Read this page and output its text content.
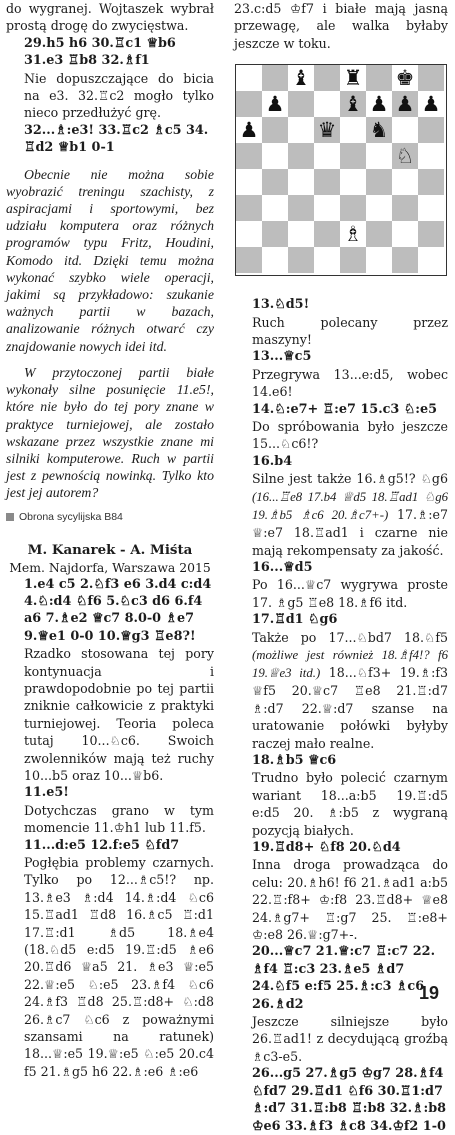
do wygranej. Wojtaszek wybrał prostą drogę do zwycięstwa.

29.h5 h6 30.♖c1 ♕b6 31.e3 ♖b8 32.♗f1

Nie dopuszczające do bicia na e3. 32.♖c2 mogło tylko nieco przedłużyć grę.

32...♗:e3! 33.♖c2 ♗c5 34. ♖d2 ♕b1 0-1

Obecnie nie można sobie wyobrazić treningu szachisty, z aspiracjami i sportowymi, bez udziału komputera oraz różnych programów typu Fritz, Houdini, Komodo itd. Dzięki temu można wykonać szybko wiele operacji, jakimi są przykładowo: szukanie ważnych partii w bazach, analizowanie różnych otwarć czy znajdowanie nowych idei itd.

W przytoczonej partii białe wykonały silne posunięcie 11.e5!, które nie było do tej pory znane w praktyce turniejowej, ale zostało wskazane przez wszystkie znane mi silniki komputerowe. Ruch w partii jest z pewnością nowinką. Tylko kto jest jej autorem?

Obrona sycylijska B84

M. Kanarek - A. Miśta

Mem. Najdorfa, Warszawa 2015

1.e4 c5 2.♘f3 e6 3.d4 c:d4 4.♘:d4 ♘f6 5.♘c3 d6 6.f4 a6 7.♗e2 ♕c7 8.0-0 ♗e7 9.♕e1 0-0 10.♕g3 ♖e8?!

Rzadko stosowana tej pory kontynuacja i prawdopodobnie po tej partii zniknie całkowicie z praktyki turniejowej. Teoria poleca tutaj 10...♘c6. Swoich zwolenników mają też ruchy 10...b5 oraz 10...♕b6.

11.e5!

Dotychczas grano w tym momencie 11.♔h1 lub 11.f5.

11...d:e5 12.f:e5 ♘fd7

Pogłębia problemy czarnych. Tylko po 12...♗c5!? np. 13.♗e3 ♗:d4 14.♗:d4 ♘c6 15.♖ad1 ♖d8 16.♗c5 ♖:d1 17.♖:d1 ♗d5 18.♗e4 (18.♘d5 e:d5 19.♖:d5 ♗e6 20.♖d6 ♕a5 21. ♗e3 ♕:e5 22.♕:e5 ♘:e5 23.♗f4 ♘c6 24.♗f3 ♖d8 25.♖:d8+ ♘:d8 26.♗c7 ♘c6 z poważnymi szansami na ratunek) 18...♕:e5 19.♕:e5 ♘:e5 20.c4 f5 21.♗g5 h6 22.♗:e6 ♗:e6

23.c:d5 ♔f7 i białe mają jasną przewagę, ale walka byłaby jeszcze w toku.

♝ ♜ ♚
♟	♝ ♟ ♟ ♟
♟	♛ ♞
♘
♗

13.♘d5!

Ruch polecany przez maszyny!

13...♕c5

Przegrywa 13...e:d5, wobec 14.e6!

14.♘:e7+ ♖:e7 15.c3 ♘:e5

Do spróbowania było jeszcze 15...♘c6!?

16.b4

Silne jest także 16.♗g5!? ♘g6 (16...♖e8 17.b4 ♕d5 18.♖ad1 ♘g6 19.♗b5 ♗c6 20.♗c7+-) 17.♗:e7 ♕:e7 18.♖ad1 i czarne nie mają rekompensaty za jakość.

16...♕d5

Po 16...♕c7 wygrywa proste 17. ♗g5 ♖e8 18.♗f6 itd.

17.♖d1 ♘g6

Także po 17...♘bd7 18.♘f5 (możliwe jest również 18.♗f4!? f6 19.♕e3 itd.) 18...♘f3+ 19.♗:f3 ♕f5 20.♕c7 ♖e8 21.♖:d7 ♗:d7 22.♕:d7 szanse na uratowanie połówki byłyby raczej mało realne.

18.♗b5 ♕c6

Trudno było polecić czarnym wariant 18...a:b5 19.♖:d5 e:d5 20. ♗:b5 z wygraną pozycją białych.

19.♖d8+ ♘f8 20.♘d4

Inna droga prowadząca do celu: 20.♗h6! f6 21.♗ad1 a:b5 22.♖:f8+ ♔:f8 23.♖d8+ ♕e8 24.♗g7+ ♖:g7 25. ♖:e8+ ♔:e8 26.♕:g7+-.

20...♕c7 21.♕:c7 ♖:c7 22. ♗f4 ♖:c3 23.♗e5 ♗d7 24.♘f5 e:f5 25.♗:c3 ♗c6 26.♗d2

Jeszcze silniejsze było 26.♖ad1! z decydującą groźbą ♗c3-e5.

26...g5 27.♗g5 ♔g7 28.♗f4 ♘fd7 29.♖d1 ♘f6 30.♖1:d7 ♗:d7 31.♖:b8 ♖:b8 32.♗:b8 ♔e6 33.♗f3 ♗c8 34.♔f2 1-0

19
